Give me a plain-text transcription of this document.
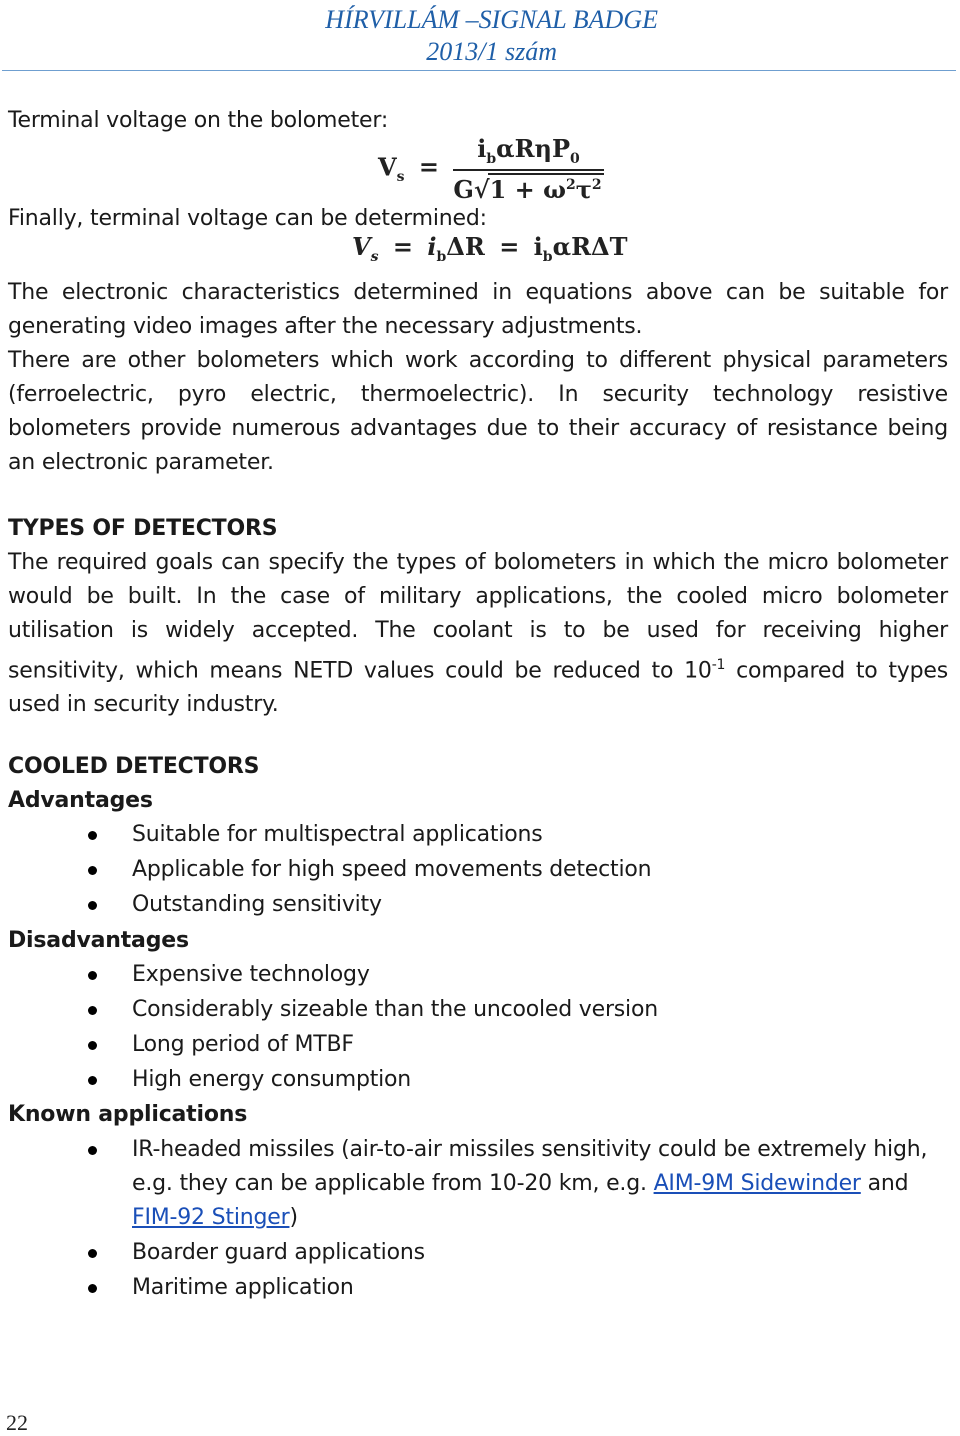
HÍRVILLÁM –SIGNAL BADGE
2013/1 szám
Terminal voltage on the bolometer:
$V_s = \frac{i_b\alpha R\eta P_0}{G√1 + \omega^2\tau^2}$
Finally, terminal voltage can be determined:
$V_s = i_b\Delta R = i_b\alpha R\Delta T$
The electronic characteristics determined in equations above can be suitable for generating video images after the necessary adjustments.
There are other bolometers which work according to different physical parameters (ferroelectric, pyro electric, thermoelectric). In security technology resistive bolometers provide numerous advantages due to their accuracy of resistance being an electronic parameter.
TYPES OF DETECTORS
The required goals can specify the types of bolometers in which the micro bolometer would be built. In the case of military applications, the cooled micro bolometer utilisation is widely accepted. The coolant is to be used for receiving higher sensitivity, which means NETD values could be reduced to $10^{-1}$ compared to types used in security industry.
COOLED DETECTORS
Advantages
Suitable for multispectral applications
Applicable for high speed movements detection
Outstanding sensitivity
Disadvantages
Expensive technology
Considerably sizeable than the uncooled version
Long period of MTBF
High energy consumption
Known applications
IR-headed missiles (air-to-air missiles sensitivity could be extremely high, e.g. they can be applicable from 10-20 km, e.g. AIM-9M Sidewinder and FIM-92 Stinger)
Boarder guard applications
Maritime application
22
